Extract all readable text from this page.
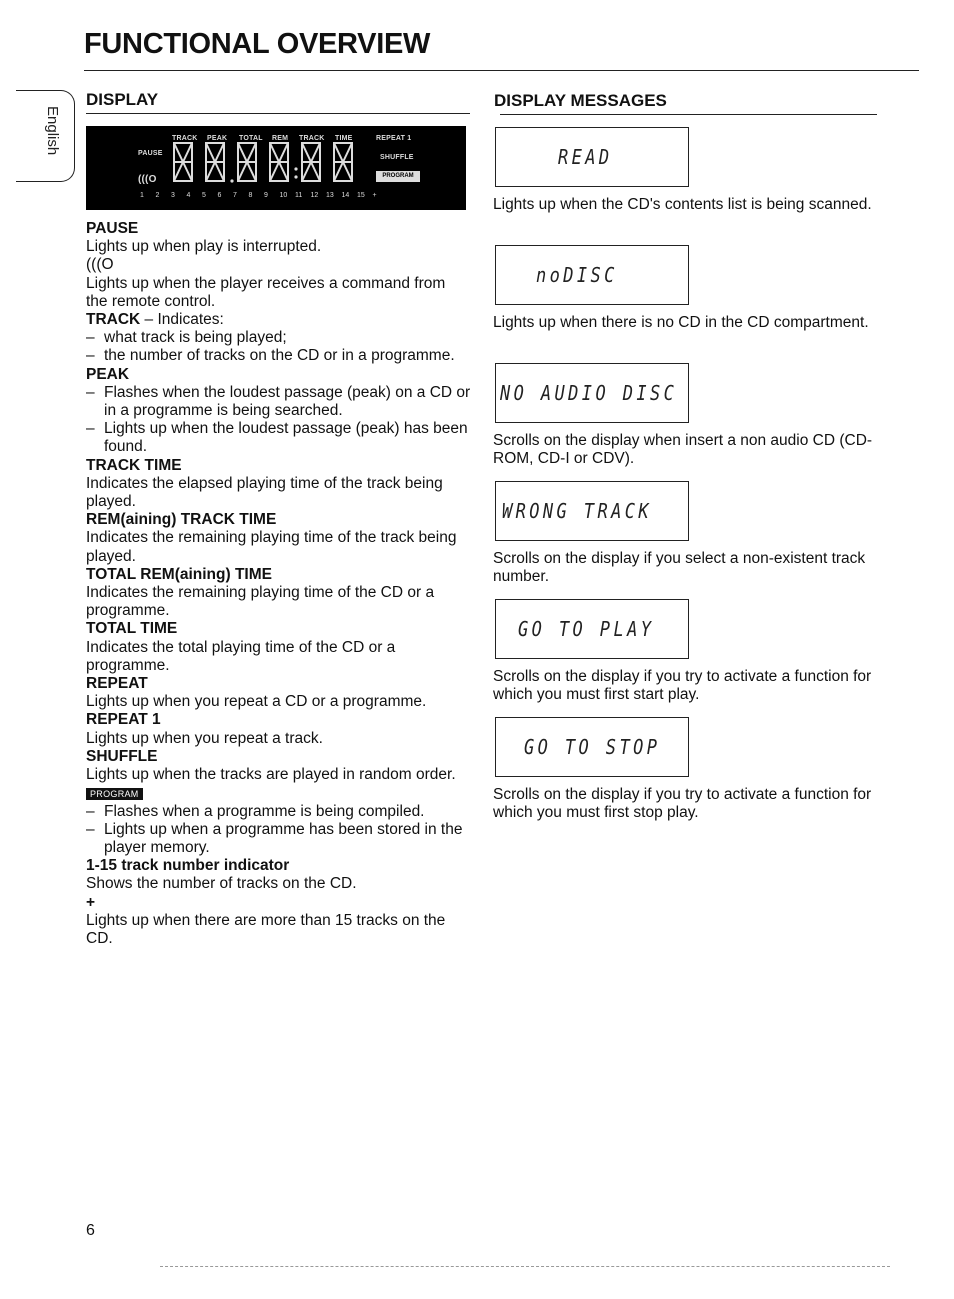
FUNCTIONAL OVERVIEW
English
DISPLAY
TRACK PEAK TOTAL REM TRACK TIME	REPEAT 1
PAUSE
(((O
SHUFFLE
PROGRAM
1 2 3 4 5 6 7 8 9 10 11 12 13 14 15 +

PAUSE

Lights up when play is interrupted.

(((O

Lights up when the player receives a command from the remote control.

TRACK – Indicates:

–what track is being played;

–the number of tracks on the CD or in a programme.

PEAK

–Flashes when the loudest passage (peak) on a CD or in a programme is being searched.

–Lights up when the loudest passage (peak) has been found.

TRACK TIME

Indicates the elapsed playing time of the track being played.

REM(aining) TRACK TIME

Indicates the remaining playing time of the track being played.

TOTAL REM(aining) TIME

Indicates the remaining playing time of the CD or a programme.

TOTAL TIME

Indicates the total playing time of the CD or a programme.

REPEAT

Lights up when you repeat a CD or a programme.

REPEAT 1

Lights up when you repeat a track.

SHUFFLE

Lights up when the tracks are played in random order.

PROGRAM

–Flashes when a programme is being compiled.

–Lights up when a programme has been stored in the player memory.

1-15 track number indicator

Shows the number of tracks on the CD.

+

Lights up when there are more than 15 tracks on the CD.

DISPLAY MESSAGES
READ

Lights up when the CD's contents list is being scanned.

noDISC

Lights up when there is no CD in the CD compartment.

NO AUDIO DISC

Scrolls on the display when insert a non audio CD (CD-ROM, CD-I or CDV).

WRONG TRACK

Scrolls on the display if you select a non-existent track number.

GO TO PLAY

Scrolls on the display if you try to activate a function for which you must first start play.

GO TO STOP

Scrolls on the display if you try to activate a function for which you must first stop play.

6
